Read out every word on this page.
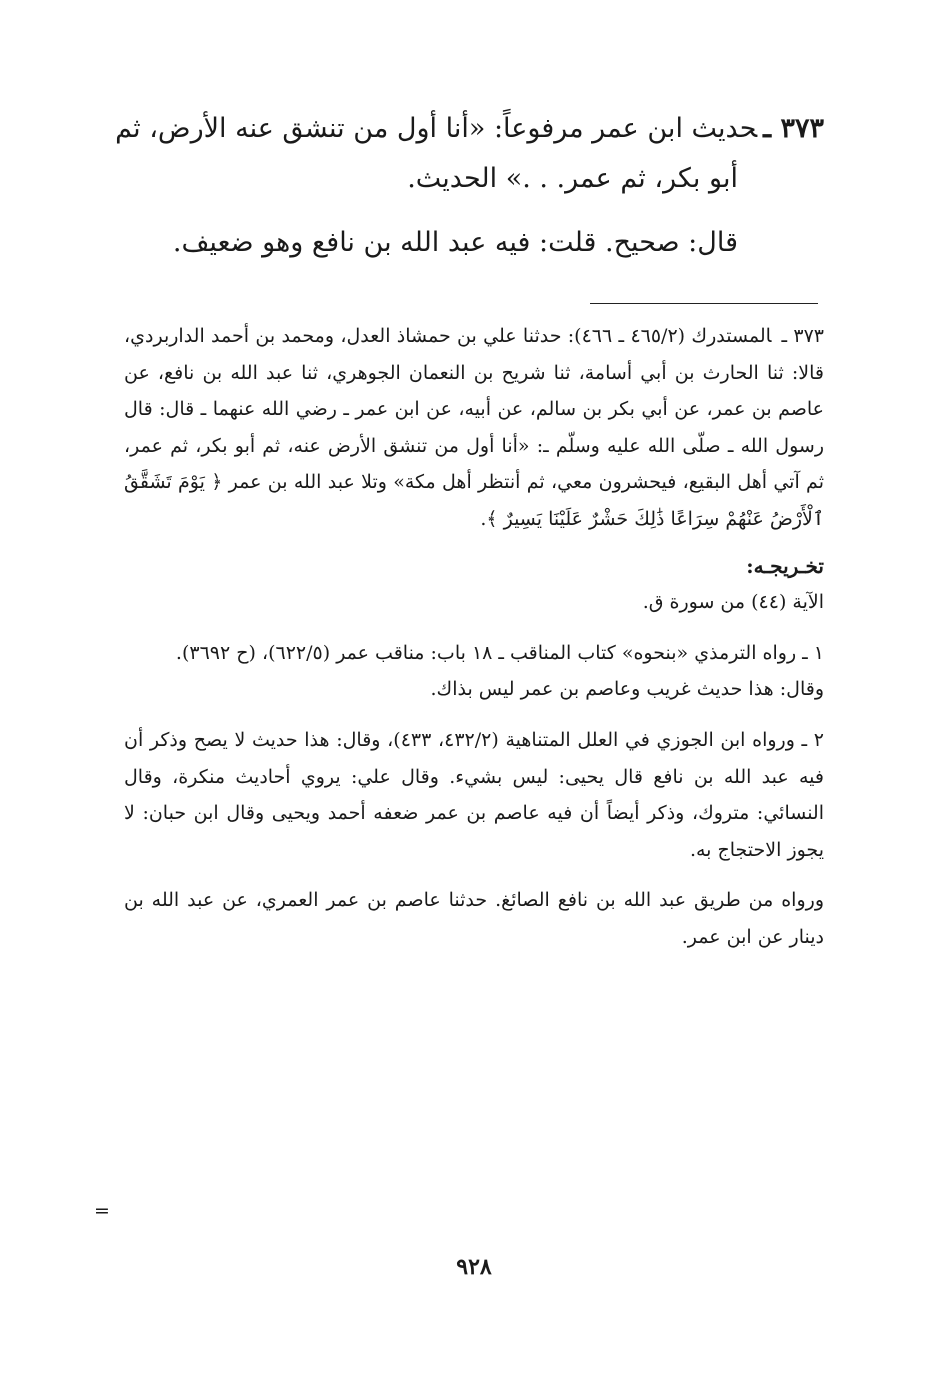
٣٧٣ ـحديث ابن عمر مرفوعاً: «أنا أول من تنشق عنه الأرض، ثم
أبو بكر، ثم عمر. . .» الحديث.
قال: صحيح. قلت: فيه عبد الله بن نافع وهو ضعيف.

٣٧٣ ـالمستدرك (٤٦٥/٢ ـ ٤٦٦): حدثنا علي بن حمشاذ العدل، ومحمد بن أحمد الداربردي، قالا: ثنا الحارث بن أبي أسامة، ثنا شريح بن النعمان الجوهري، ثنا عبد الله بن نافع، عن عاصم بن عمر، عن أبي بكر بن سالم، عن أبيه، عن ابن عمر ـ رضي الله عنهما ـ قال: قال رسول الله ـ صلّى الله عليه وسلّم ـ: «أنا أول من تنشق الأرض عنه، ثم أبو بكر، ثم عمر، ثم آتي أهل البقيع، فيحشرون معي، ثم أنتظر أهل مكة» وتلا عبد الله بن عمر ﴿ يَوْمَ تَشَقَّقُ ٱلْأَرْضُ عَنْهُمْ سِرَاعًا ذَٰلِكَ حَشْرٌ عَلَيْنَا يَسِيرٌ ﴾.

تخـريجـه:

الآية (٤٤) من سورة ق.

١ ـ رواه الترمذي «بنحوه» كتاب المناقب ـ ١٨ باب: مناقب عمر (٦٢٢/٥)، (ح ٣٦٩٢).

وقال: هذا حديث غريب وعاصم بن عمر ليس بذاك.

٢ ـ ورواه ابن الجوزي في العلل المتناهية (٤٣٢/٢، ٤٣٣)، وقال: هذا حديث لا يصح وذكر أن فيه عبد الله بن نافع قال يحيى: ليس بشيء. وقال علي: يروي أحاديث منكرة، وقال النسائي: متروك، وذكر أيضاً أن فيه عاصم بن عمر ضعفه أحمد ويحيى وقال ابن حبان: لا يجوز الاحتجاج به.

ورواه من طريق عبد الله بن نافع الصائغ. حدثنا عاصم بن عمر العمري، عن عبد الله بن دينار عن ابن عمر.

=
٩٢٨
